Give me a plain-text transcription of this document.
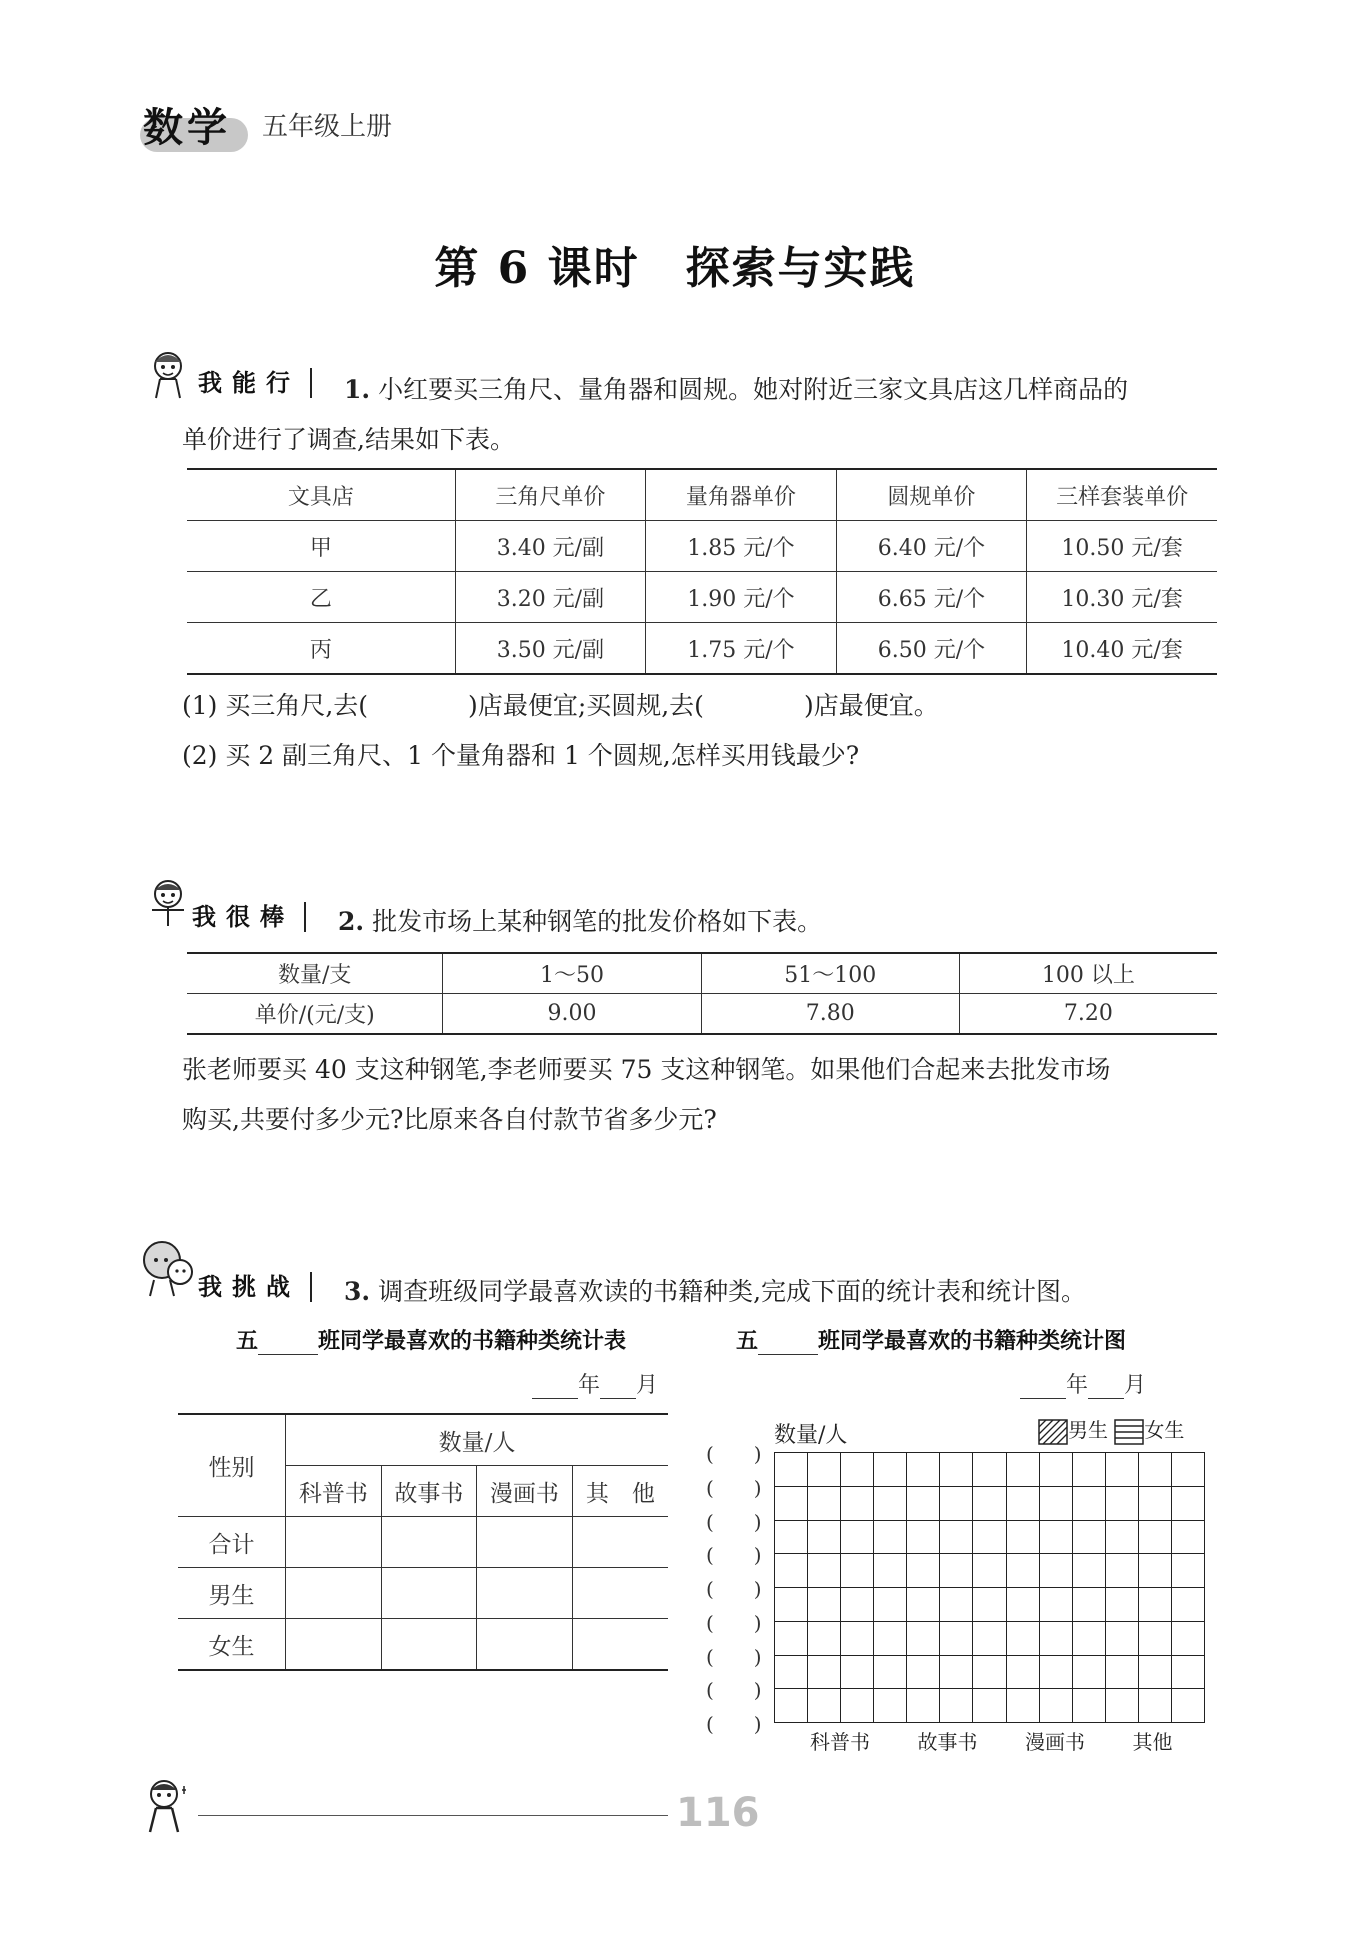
数学 五年级上册
第 6 课时　探索与实践
我能行	1. 小红要买三角尺、量角器和圆规。她对附近三家文具店这几样商品的
单价进行了调查,结果如下表。
文具店	三角尺单价	量角器单价	圆规单价	三样套装单价
甲	3.40 元/副	1.85 元/个	6.40 元/个	10.50 元/套
乙	3.20 元/副	1.90 元/个	6.65 元/个	10.30 元/套
丙	3.50 元/副	1.75 元/个	6.50 元/个	10.40 元/套
(1) 买三角尺,去(　　　　)店最便宜;买圆规,去(　　　　)店最便宜。
(2) 买 2 副三角尺、1 个量角器和 1 个圆规,怎样买用钱最少?
我很棒	2. 批发市场上某种钢笔的批发价格如下表。
数量/支	1～50	51～100	100 以上
单价/(元/支)	9.00	7.80	7.20
张老师要买 40 支这种钢笔,李老师要买 75 支这种钢笔。如果他们合起来去批发市场
购买,共要付多少元?比原来各自付款节省多少元?
我挑战	3. 调查班级同学最喜欢读的书籍种类,完成下面的统计表和统计图。
五	班同学最喜欢的书籍种类统计表
年 月
性别	数量/人			
	科普书	故事书	漫画书	其　他
合计				
男生				
女生				
五	班同学最喜欢的书籍种类统计图
年 月
数量/人	男生 女生
(　　)
(　　)
(　　)
(　　)
(　　)
(　　)
(　　)
(　　)
(　　)
科普书 故事书 漫画书 其他
116
